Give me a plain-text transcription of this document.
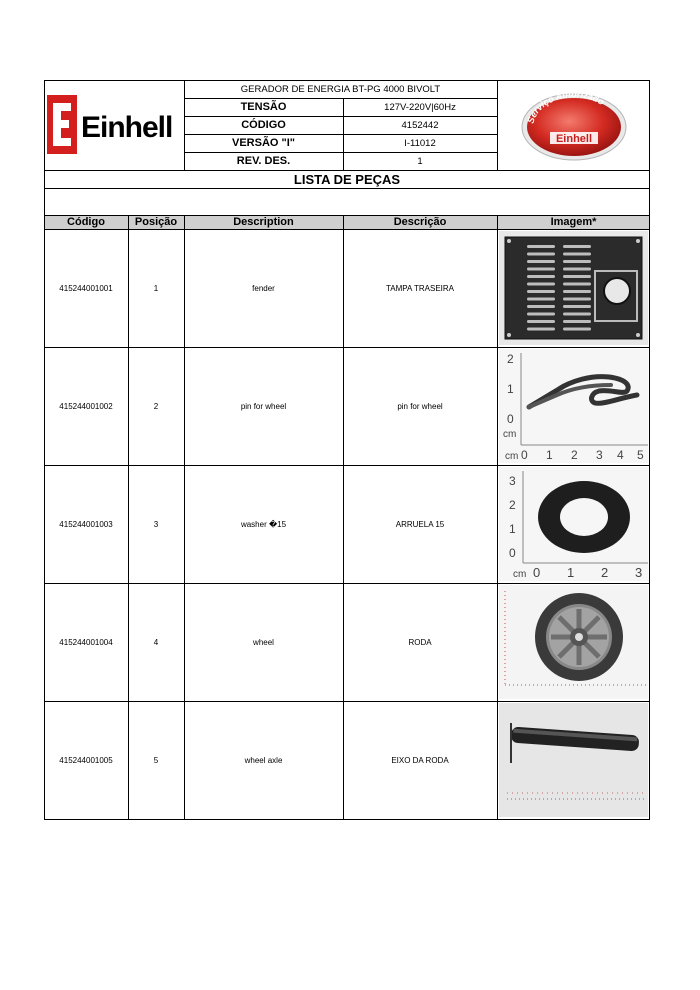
Einhell
GERADOR DE ENERGIA BT-PG 4000 BIVOLT
TENSÃO	127V-220V|60Hz
CÓDIGO	4152442
VERSÃO "I"	I-11012
REV. DES.	1
Serviço Autorizado
Einhell
LISTA DE PEÇAS
Código	Posição	Description	Descrição	Imagem*
415244001001	1	fender	TAMPA TRASEIRA
415244001002	2	pin for wheel	pin for wheel
415244001003	3	washer �15	ARRUELA 15
415244001004	4	wheel	RODA
415244001005	5	wheel axle	EIXO DA RODA
2
1
0
cm
cm 0 1 2 3 4 5
3
2
1
0
cm 0 1 2 3
